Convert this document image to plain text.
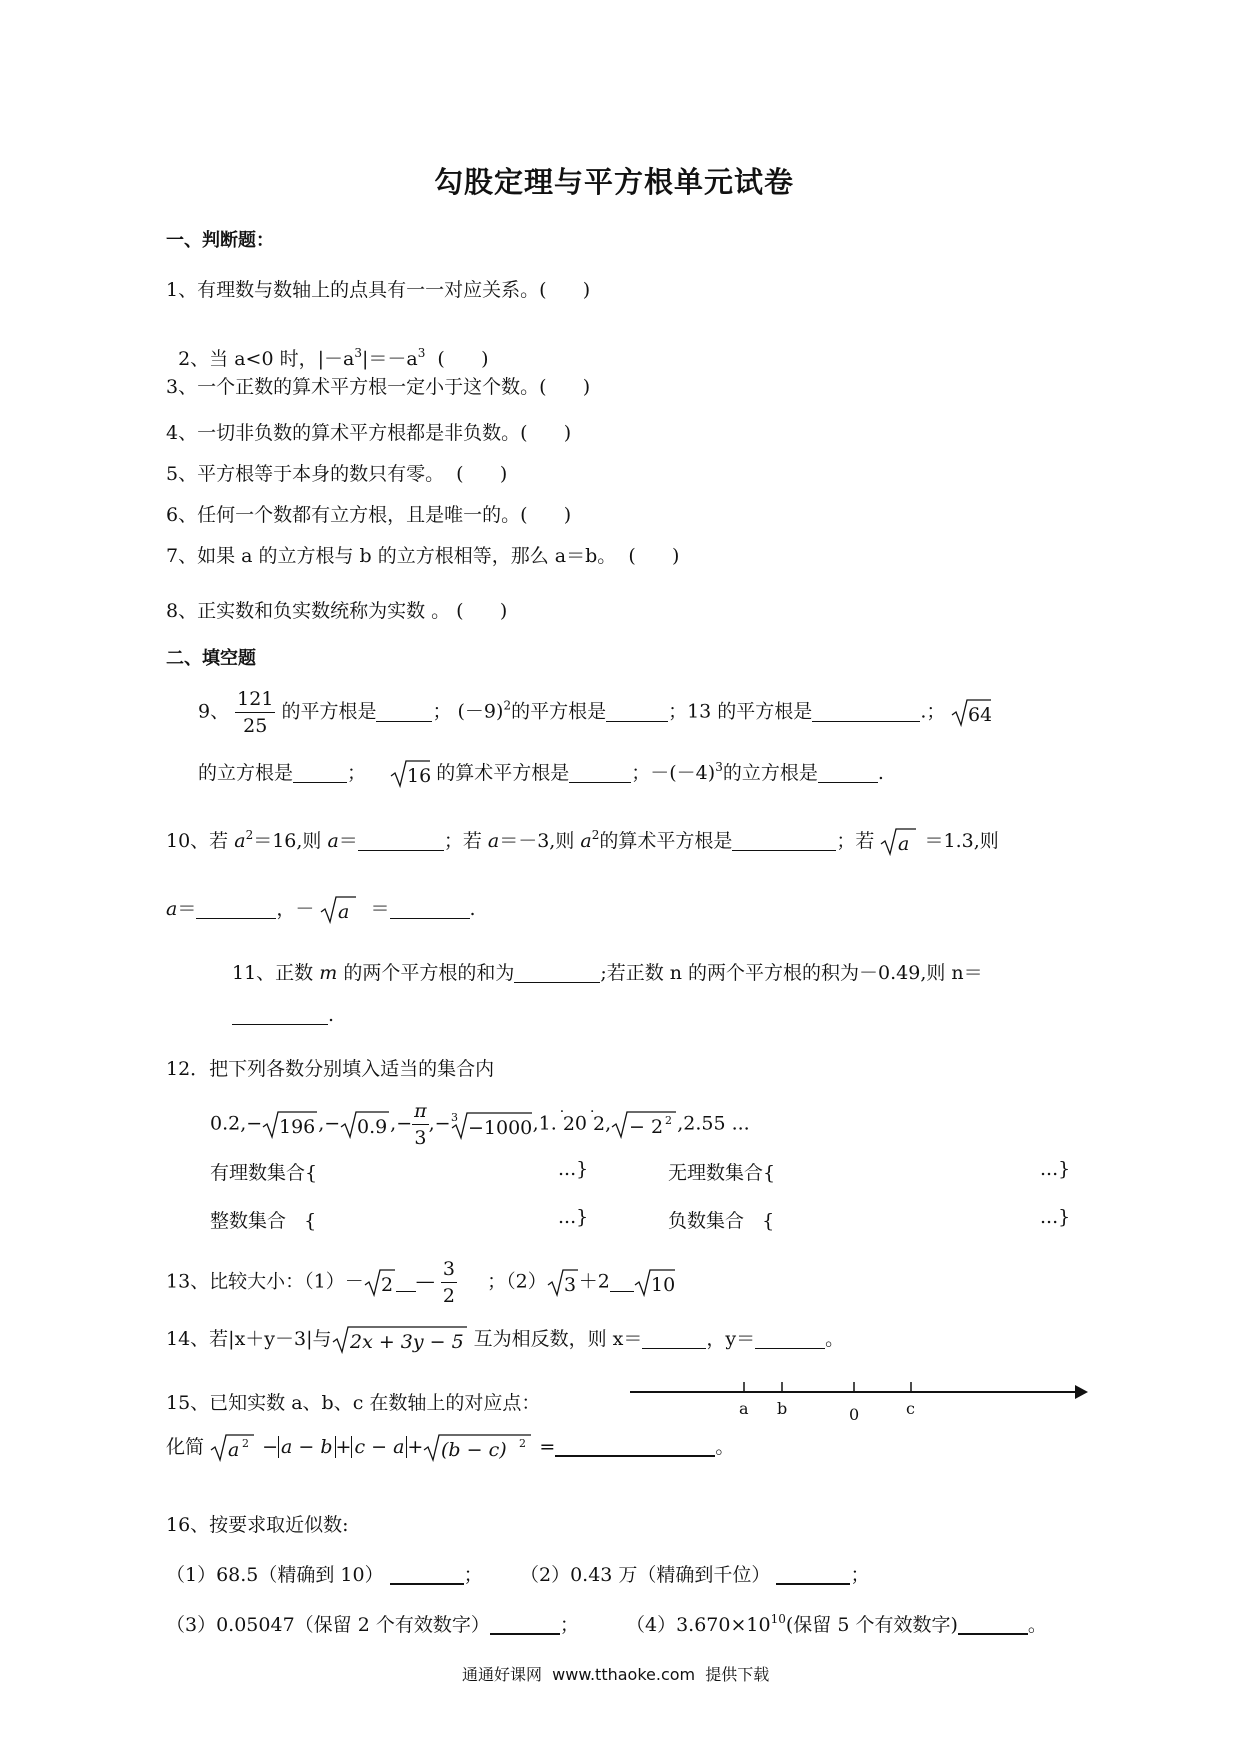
勾股定理与平方根单元试卷
一、判断题：
1、有理数与数轴上的点具有一一对应关系。(      )

2、当 a<0 时，$|-a^3|=-a^3$  (      )

3、一个正数的算术平方根一定小于这个数。(      )
4、一切非负数的算术平方根都是非负数。(      )
5、平方根等于本身的数只有零。  (      )
6、任何一个数都有立方根，且是唯一的。(      )
7、如果 a 的立方根与 b 的立方根相等，那么 a＝b。  (      )
8、正实数和负实数统称为实数 。 (      )
二、填空题
9、 $\frac{121}{25}$ 的平方根是	； $(-9)^2$的平方根是	；13 的平方根是	.； 64
的立方根是	； 16 的算术平方根是	；$-(-4)^3$的立方根是	.
10、若 $a^2=16$,则 a＝	；若 a＝－3,则 $a^2$的算术平方根是	；若 a ＝1.3,则
a＝	，－ a ＝	.
11、正数 m 的两个平方根的和为	;若正数 n 的两个平方根的积为－0.49,则 n＝
.
12．把下列各数分别填入适当的集合内
0.2,− 196 ,− 0.9 ,− $\frac{\pi}{3}$ ,− 3 −1000 ,1. 2
·
0 2
·
, − 2 2 ,2.55 ...
有理数集合{	...}	无理数集合{	...}
整数集合   {	...}	负数集合   {	...}
13、比较大小：（1）－ 2 — $\frac{3}{2}$ ；（2） 3 ＋2 10
14、若|x＋y－3|与 2x + 3y − 5 互为相反数，则 x＝	，y＝	。
15、已知实数 a、b、c 在数轴上的对应点：	a b	0	c
化简 a 2 − a − b + c − a + (b − c) 2 =	。
16、按要求取近似数:
（1）68.5（精确到 10）	； （2）0.43 万（精确到千位）	；
（3）0.05047（保留 2 个有效数字）	； $(4)3.670\times 10^{10}$(保留 5 个有效数字)	。
通通好课网  www.tthaoke.com  提供下载
